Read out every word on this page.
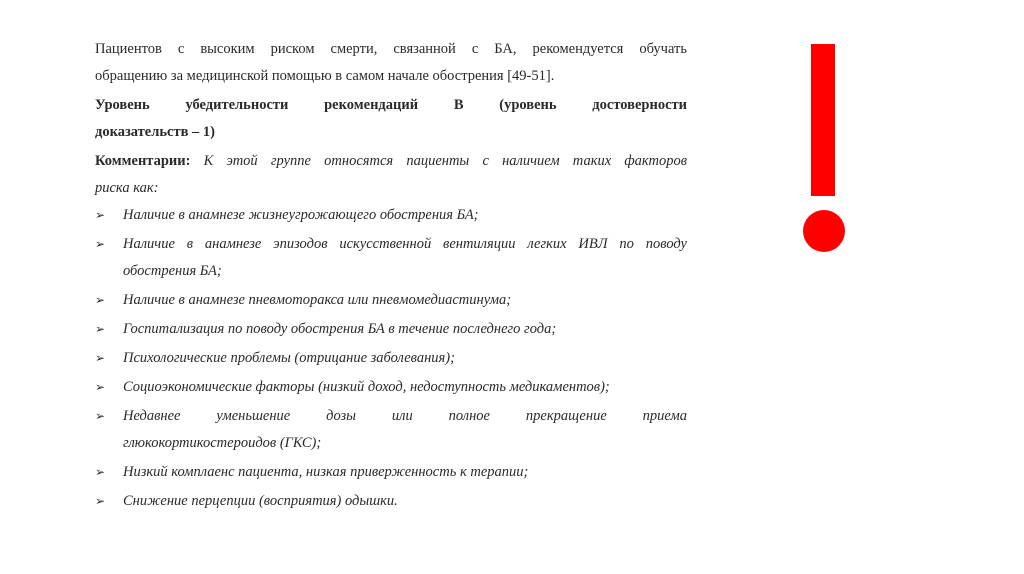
Пациентов с высоким риском смерти, связанной с БА, рекомендуется обучать
обращению за медицинской помощью в самом начале обострения [49-51].

Уровень убедительности рекомендаций В (уровень достоверности
доказательств – 1)

Комментарии: К этой группе относятся пациенты с наличием таких факторов
риска как:

➢ Наличие в анамнезе жизнеугрожающего обострения БА;
➢ Наличие в анамнезе эпизодов искусственной вентиляции легких ИВЛ по поводу
обострения БА;
➢ Наличие в анамнезе пневмоторакса или пневмомедиастинума;
➢ Госпитализация по поводу обострения БА в течение последнего года;
➢ Психологические проблемы (отрицание заболевания);
➢ Социоэкономические факторы (низкий доход, недоступность медикаментов);
➢ Недавнее уменьшение дозы или полное прекращение приема
глюкокортикостероидов (ГКС);
➢ Низкий комплаенс пациента, низкая приверженность к терапии;
➢ Снижение перцепции (восприятия) одышки.
